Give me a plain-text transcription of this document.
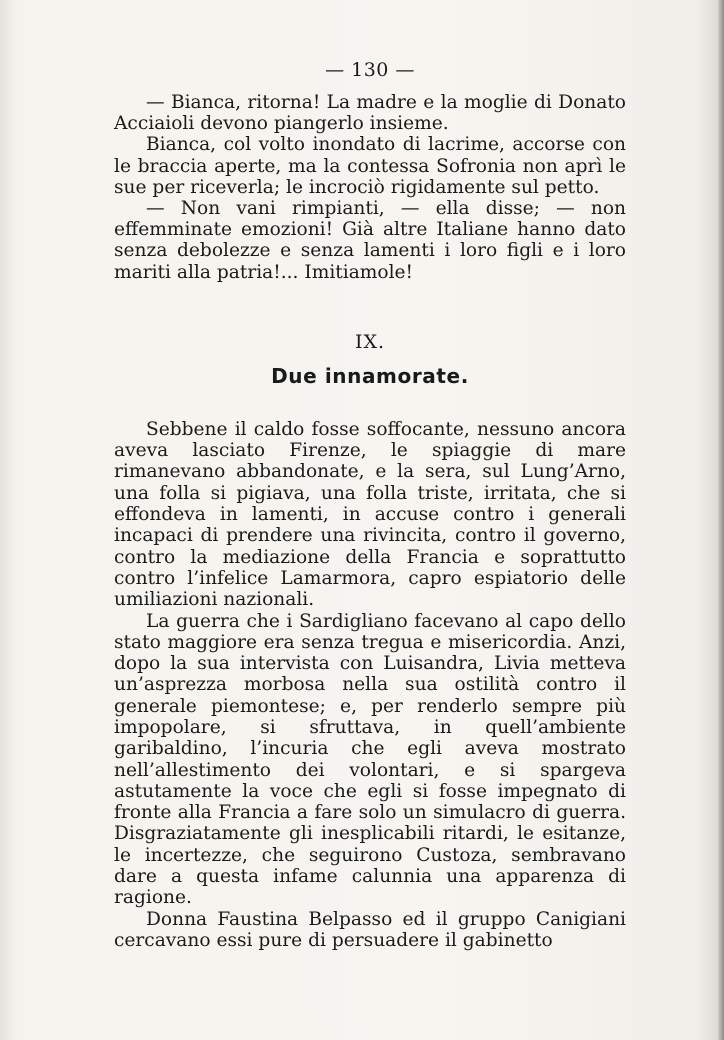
— 130 —

— Bianca, ritorna! La madre e la moglie di Donato Acciaioli devono piangerlo insieme.

Bianca, col volto inondato di lacrime, accorse con le braccia aperte, ma la contessa Sofronia non aprì le sue per riceverla; le incrociò rigidamente sul petto.

— Non vani rimpianti, — ella disse; — non effemminate emozioni! Già altre Italiane hanno dato senza debolezze e senza lamenti i loro figli e i loro mariti alla patria!... Imitiamole!

IX.
Due innamorate.

Sebbene il caldo fosse soffocante, nessuno ancora aveva lasciato Firenze, le spiaggie di mare rimanevano abbandonate, e la sera, sul Lung’Arno, una folla si pigiava, una folla triste, irritata, che si effondeva in lamenti, in accuse contro i generali incapaci di prendere una rivincita, contro il governo, contro la mediazione della Francia e soprattutto contro l’infelice Lamarmora, capro espiatorio delle umiliazioni nazionali.

La guerra che i Sardigliano facevano al capo dello stato maggiore era senza tregua e misericordia. Anzi, dopo la sua intervista con Luisandra, Livia metteva un’asprezza morbosa nella sua ostilità contro il generale piemontese; e, per renderlo sempre più impopolare, si sfruttava, in quell’ambiente garibaldino, l’incuria che egli aveva mostrato nell’allestimento dei volontari, e si spargeva astutamente la voce che egli si fosse impegnato di fronte alla Francia a fare solo un simulacro di guerra. Disgraziatamente gli inesplicabili ritardi, le esitanze, le incertezze, che seguirono Custoza, sembravano dare a questa infame calunnia una apparenza di ragione.

Donna Faustina Belpasso ed il gruppo Canigiani cercavano essi pure di persuadere il gabinetto
